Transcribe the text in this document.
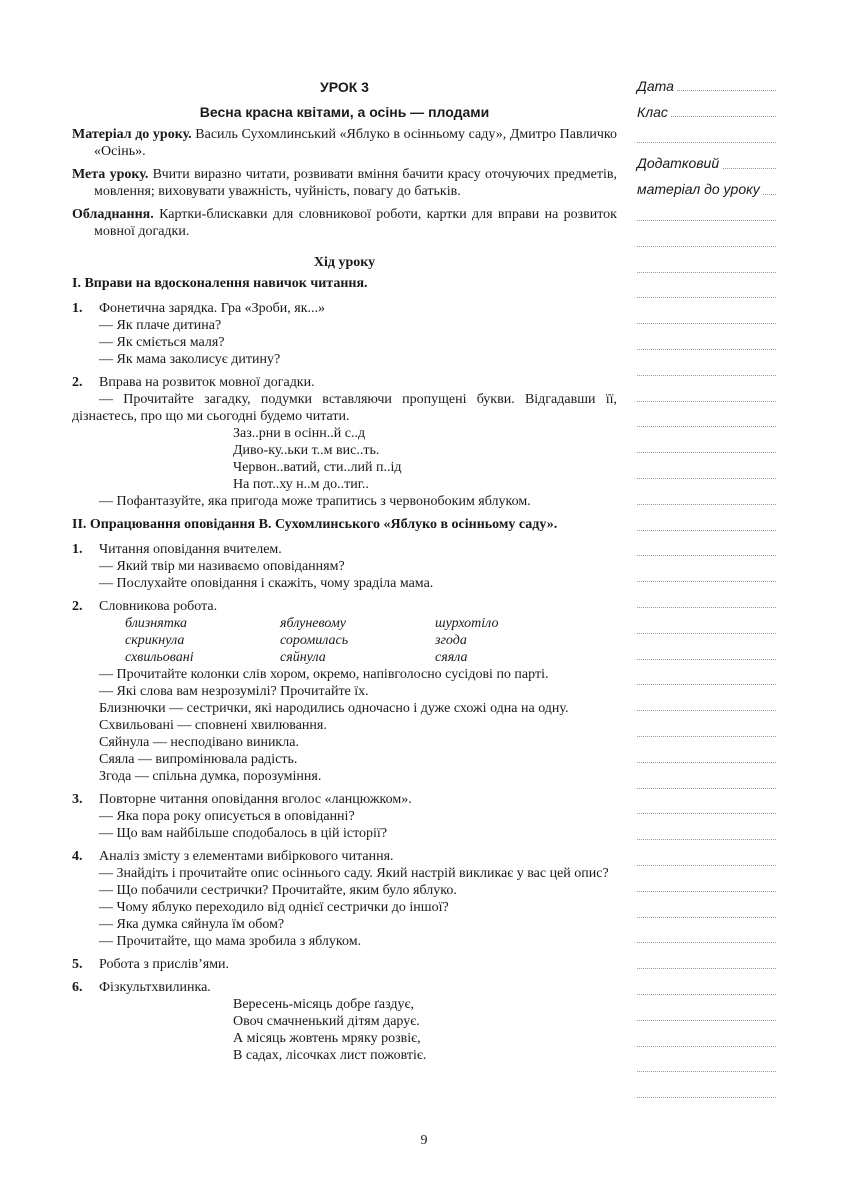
УРОК 3
Весна красна квітами, а осінь — плодами
Матеріал до уроку. Василь Сухомлинський «Яблуко в осінньому саду», Дмитро Павличко «Осінь».
Мета уроку. Вчити виразно читати, розвивати вміння бачити красу оточуючих предметів, мовлення; виховувати уважність, чуйність, повагу до батьків.
Обладнання. Картки-блискавки для словникової роботи, картки для вправи на розвиток мовної догадки.
Хід уроку
I. Вправи на вдосконалення навичок читання.
1.	Фонетична зарядка. Гра «Зроби, як...»
— Як плаче дитина?
— Як сміється маля?
— Як мама заколисує дитину?
2.	Вправа на розвиток мовної догадки.
— Прочитайте загадку, подумки вставляючи пропущені букви. Відгадавши її, дізнаєтесь, про що ми сьогодні будемо читати.
Заз..рни в осінн..й с..д
Диво-ку..ьки т..м вис..ть.
Червон..ватий, сти..лий п..ід
На пот..ху н..м до..тиг..
— Пофантазуйте, яка пригода може трапитись з червонобоким яблуком.
II. Опрацювання оповідання В. Сухомлинського «Яблуко в осінньому саду».
1.	Читання оповідання вчителем.
— Який твір ми називаємо оповіданням?
— Послухайте оповідання і скажіть, чому зраділа мама.
2.	Словникова робота.
близнятка	яблуневому	шурхотіло
скрикнула	соромилась	згода
схвильовані	сяйнула	сяяла
— Прочитайте колонки слів хором, окремо, напівголосно сусідові по парті.
— Які слова вам незрозумілі? Прочитайте їх.
Близнючки — сестрички, які народились одночасно і дуже схожі одна на одну.
Схвильовані — сповнені хвилювання.
Сяйнула — несподівано виникла.
Сяяла — випромінювала радість.
Згода — спільна думка, порозуміння.
3.	Повторне читання оповідання вголос «ланцюжком».
— Яка пора року описується в оповіданні?
— Що вам найбільше сподобалось в цій історії?
4.	Аналіз змісту з елементами вибіркового читання.
— Знайдіть і прочитайте опис осіннього саду. Який настрій викликає у вас цей опис?
— Що побачили сестрички? Прочитайте, яким було яблуко.
— Чому яблуко переходило від однієї сестрички до іншої?
— Яка думка сяйнула їм обом?
— Прочитайте, що мама зробила з яблуком.
5.	Робота з прислів’ями.
6.	Фізкультхвилинка.
Вересень-місяць добре ґаздує,
Овоч смачненький дітям дарує.
А місяць жовтень мряку розвіє,
В садах, лісочках лист пожовтіє.
9
Дата
Клас
Додатковий
матеріал до уроку
